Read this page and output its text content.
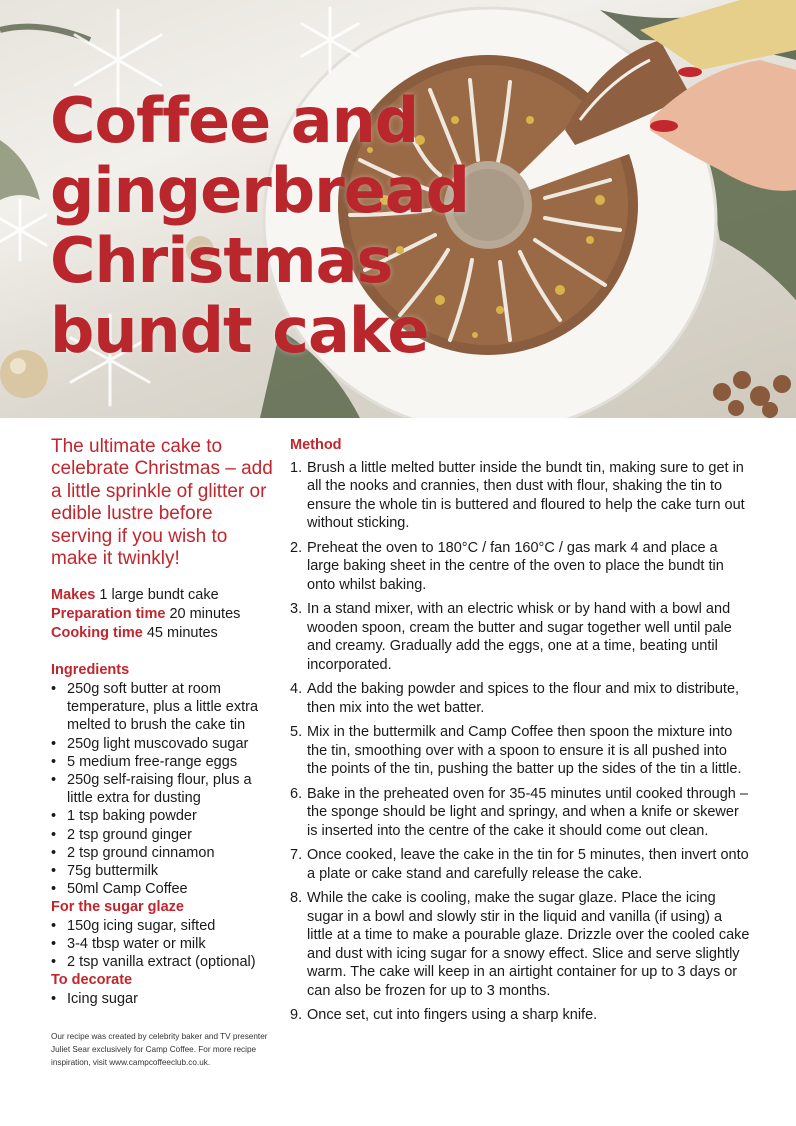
Coffee and
gingerbread
Christmas
bundt cake

The ultimate cake to celebrate Christmas – add a little sprinkle of glitter or edible lustre before serving if you wish to make it twinkly!

Makes 1 large bundt cake
Preparation time 20 minutes
Cooking time 45 minutes
Ingredients
• 250g soft butter at room temperature, plus a little extra melted to brush the cake tin
• 250g light muscovado sugar
• 5 medium free-range eggs
• 250g self-raising flour, plus a little extra for dusting
• 1 tsp baking powder
• 2 tsp ground ginger
• 2 tsp ground cinnamon
• 75g buttermilk
• 50ml Camp Coffee
For the sugar glaze
• 150g icing sugar, sifted
• 3-4 tbsp water or milk
• 2 tsp vanilla extract (optional)
To decorate
• Icing sugar
Our recipe was created by celebrity baker and TV presenter Juliet Sear exclusively for Camp Coffee. For more recipe inspiration, visit www.campcoffeeclub.co.uk.
Method
1. Brush a little melted butter inside the bundt tin, making sure to get in all the nooks and crannies, then dust with flour, shaking the tin to ensure the whole tin is buttered and floured to help the cake turn out without sticking.
2. Preheat the oven to 180°C / fan 160°C / gas mark 4 and place a large baking sheet in the centre of the oven to place the bundt tin onto whilst baking.
3. In a stand mixer, with an electric whisk or by hand with a bowl and wooden spoon, cream the butter and sugar together well until pale and creamy. Gradually add the eggs, one at a time, beating until incorporated.
4. Add the baking powder and spices to the flour and mix to distribute, then mix into the wet batter.
5. Mix in the buttermilk and Camp Coffee then spoon the mixture into the tin, smoothing over with a spoon to ensure it is all pushed into the points of the tin, pushing the batter up the sides of the tin a little.
6. Bake in the preheated oven for 35-45 minutes until cooked through – the sponge should be light and springy, and when a knife or skewer is inserted into the centre of the cake it should come out clean.
7. Once cooked, leave the cake in the tin for 5 minutes, then invert onto a plate or cake stand and carefully release the cake.
8. While the cake is cooling, make the sugar glaze. Place the icing sugar in a bowl and slowly stir in the liquid and vanilla (if using) a little at a time to make a pourable glaze. Drizzle over the cooled cake and dust with icing sugar for a snowy effect. Slice and serve slightly warm. The cake will keep in an airtight container for up to 3 days or can also be frozen for up to 3 months.
9. Once set, cut into fingers using a sharp knife.
